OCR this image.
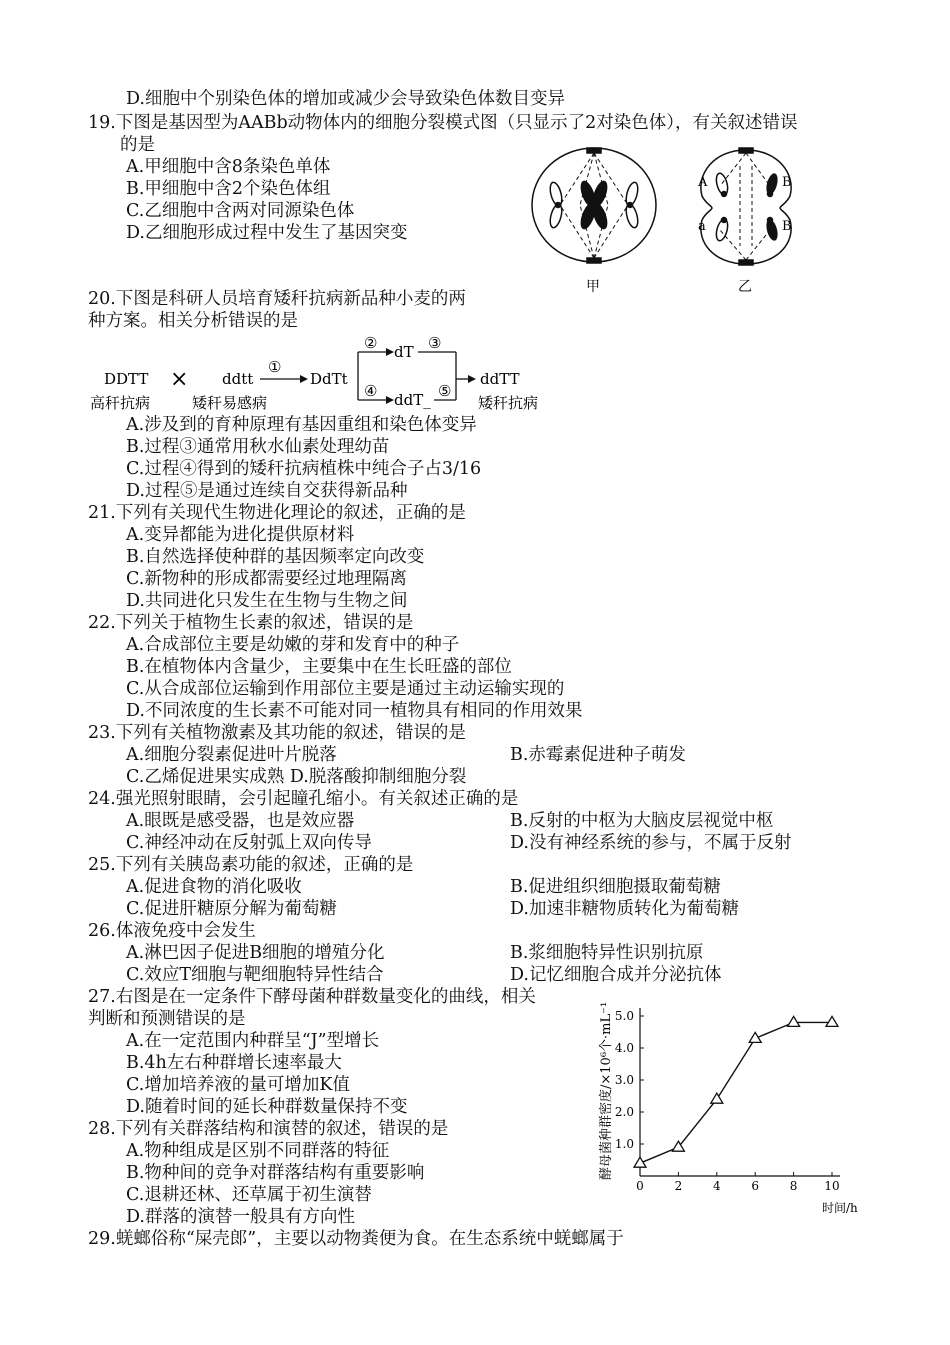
D.细胞中个别染色体的增加或减少会导致染色体数目变异
19.下图是基因型为AABb动物体内的细胞分裂模式图（只显示了2对染色体），有关叙述错误
的是
A.甲细胞中含8条染色单体
B.甲细胞中含2个染色体组
C.乙细胞中含两对同源染色体
D.乙细胞形成过程中发生了基因突变
20.下图是科研人员培育矮秆抗病新品种小麦的两
种方案。相关分析错误的是
A.涉及到的育种原理有基因重组和染色体变异
B.过程③通常用秋水仙素处理幼苗
C.过程④得到的矮秆抗病植株中纯合子占3/16
D.过程⑤是通过连续自交获得新品种
21.下列有关现代生物进化理论的叙述，正确的是
A.变异都能为进化提供原材料
B.自然选择使种群的基因频率定向改变
C.新物种的形成都需要经过地理隔离
D.共同进化只发生在生物与生物之间
22.下列关于植物生长素的叙述，错误的是
A.合成部位主要是幼嫩的芽和发育中的种子
B.在植物体内含量少，主要集中在生长旺盛的部位
C.从合成部位运输到作用部位主要是通过主动运输实现的
D.不同浓度的生长素不可能对同一植物具有相同的作用效果
23.下列有关植物激素及其功能的叙述，错误的是
A.细胞分裂素促进叶片脱落	B.赤霉素促进种子萌发
C.乙烯促进果实成熟 D.脱落酸抑制细胞分裂
24.强光照射眼睛，会引起瞳孔缩小。有关叙述正确的是
A.眼既是感受器，也是效应器	B.反射的中枢为大脑皮层视觉中枢
C.神经冲动在反射弧上双向传导	D.没有神经系统的参与，不属于反射
25.下列有关胰岛素功能的叙述，正确的是
A.促进食物的消化吸收	B.促进组织细胞摄取葡萄糖
C.促进肝糖原分解为葡萄糖	D.加速非糖物质转化为葡萄糖
26.体液免疫中会发生
A.淋巴因子促进B细胞的增殖分化	B.浆细胞特异性识别抗原
C.效应T细胞与靶细胞特异性结合	D.记忆细胞合成并分泌抗体
27.右图是在一定条件下酵母菌种群数量变化的曲线，相关
判断和预测错误的是
A.在一定范围内种群呈“J”型增长
B.4h左右种群增长速率最大
C.增加培养液的量可增加K值
D.随着时间的延长种群数量保持不变
28.下列有关群落结构和演替的叙述，错误的是
A.物种组成是区别不同群落的特征
B.物种间的竞争对群落结构有重要影响
C.退耕还林、还草属于初生演替
D.群落的演替一般具有方向性
29.蜣螂俗称“屎壳郎”，主要以动物粪便为食。在生态系统中蜣螂属于
甲
A
a
B
B
乙
DDTT
高秆抗病
× ddtt
矮秆易感病
①
DdTt
② dT ③
④ ddT_ ⑤
ddTT
矮秆抗病
酵母菌种群密度/×10⁶个·mL⁻¹
时间/h
0	2	4	6	8 10
1.0
2.0
3.0
4.0
5.0
